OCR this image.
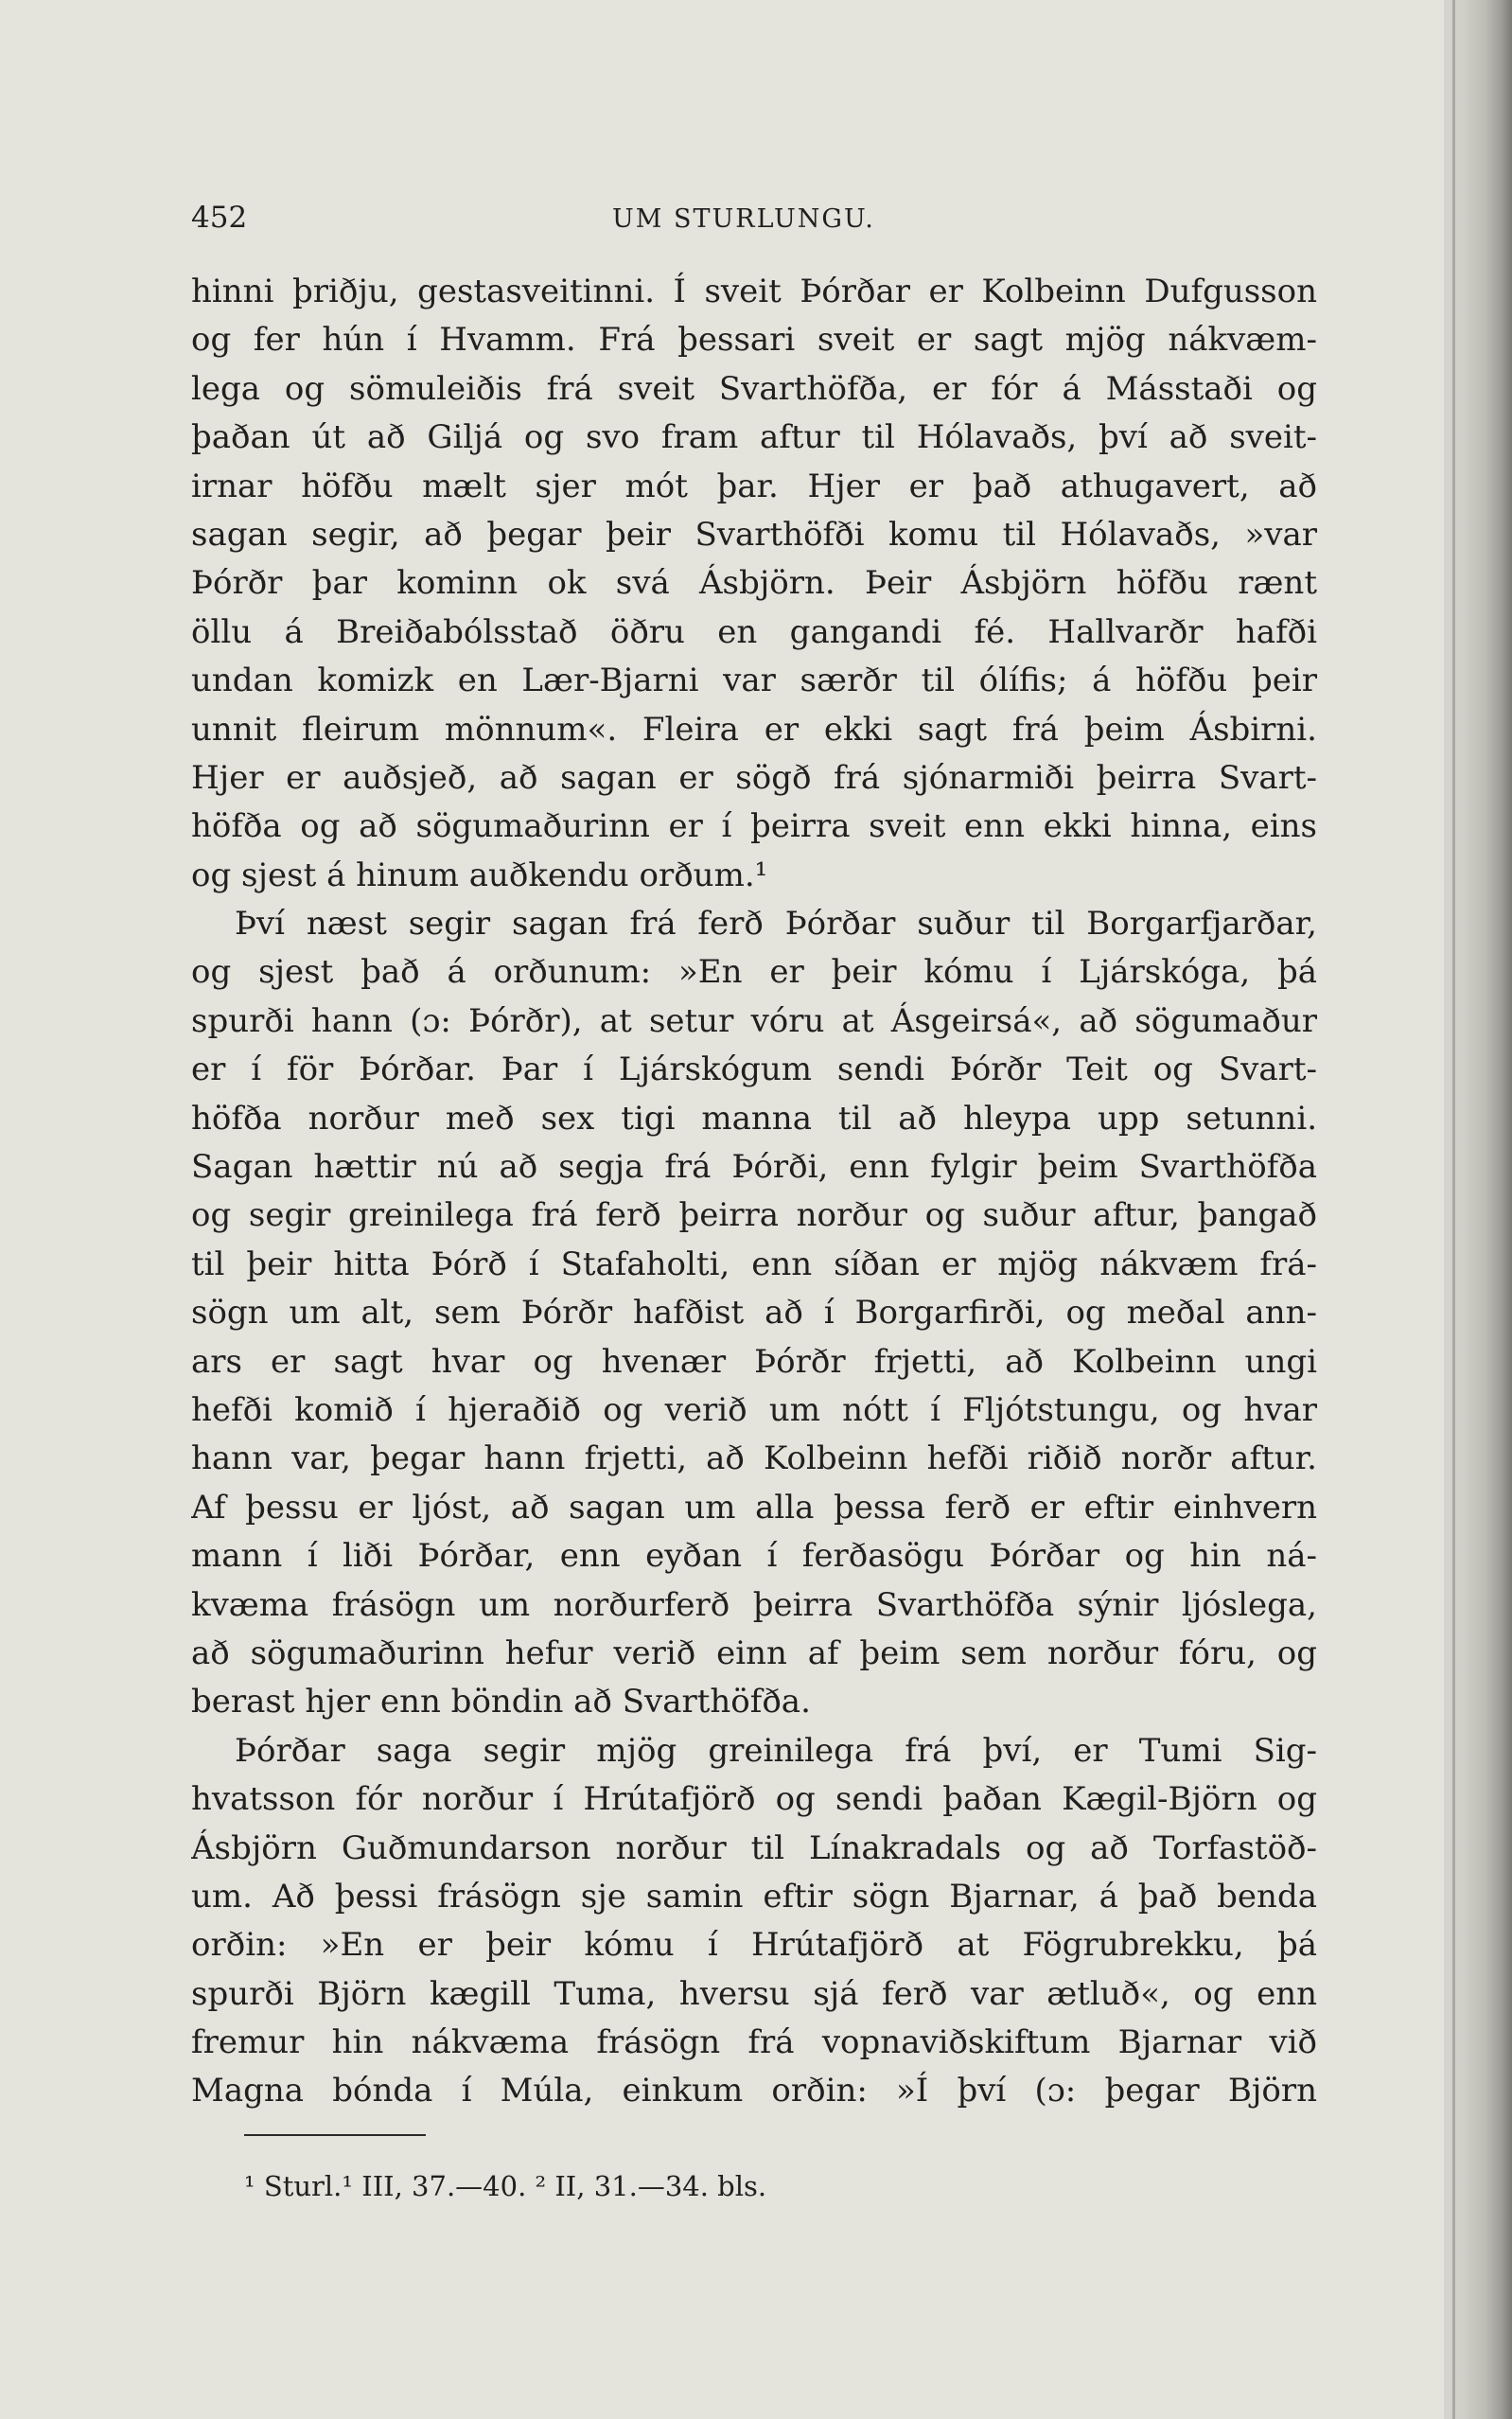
452	UM STURLUNGU.
hinni þriðju, gestasveitinni. Í sveit Þórðar er Kolbeinn Dufgusson
og fer hún í Hvamm. Frá þessari sveit er sagt mjög nákvæm-
lega og sömuleiðis frá sveit Svarthöfða, er fór á Másstaði og
þaðan út að Giljá og svo fram aftur til Hólavaðs, því að sveit-
irnar höfðu mælt sjer mót þar. Hjer er það athugavert, að
sagan segir, að þegar þeir Svarthöfði komu til Hólavaðs, »var
Þórðr þar kominn ok svá Ásbjörn. Þeir Ásbjörn höfðu rænt
öllu á Breiðabólsstað öðru en gangandi fé. Hallvarðr hafði
undan komizk en Lær-Bjarni var særðr til ólífis; á höfðu þeir
unnit fleirum mönnum«. Fleira er ekki sagt frá þeim Ásbirni.
Hjer er auðsjeð, að sagan er sögð frá sjónarmiði þeirra Svart-
höfða og að sögumaðurinn er í þeirra sveit enn ekki hinna, eins
og sjest á hinum auðkendu orðum.¹
Því næst segir sagan frá ferð Þórðar suður til Borgarfjarðar,
og sjest það á orðunum: »En er þeir kómu í Ljárskóga, þá
spurði hann (ɔ: Þórðr), at setur vóru at Ásgeirsá«, að sögumaður
er í för Þórðar. Þar í Ljárskógum sendi Þórðr Teit og Svart-
höfða norður með sex tigi manna til að hleypa upp setunni.
Sagan hættir nú að segja frá Þórði, enn fylgir þeim Svarthöfða
og segir greinilega frá ferð þeirra norður og suður aftur, þangað
til þeir hitta Þórð í Stafaholti, enn síðan er mjög nákvæm frá-
sögn um alt, sem Þórðr hafðist að í Borgarfirði, og meðal ann-
ars er sagt hvar og hvenær Þórðr frjetti, að Kolbeinn ungi
hefði komið í hjeraðið og verið um nótt í Fljótstungu, og hvar
hann var, þegar hann frjetti, að Kolbeinn hefði riðið norðr aftur.
Af þessu er ljóst, að sagan um alla þessa ferð er eftir einhvern
mann í liði Þórðar, enn eyðan í ferðasögu Þórðar og hin ná-
kvæma frásögn um norðurferð þeirra Svarthöfða sýnir ljóslega,
að sögumaðurinn hefur verið einn af þeim sem norður fóru, og
berast hjer enn böndin að Svarthöfða.
Þórðar saga segir mjög greinilega frá því, er Tumi Sig-
hvatsson fór norður í Hrútafjörð og sendi þaðan Kægil-Björn og
Ásbjörn Guðmundarson norður til Línakradals og að Torfastöð-
um. Að þessi frásögn sje samin eftir sögn Bjarnar, á það benda
orðin: »En er þeir kómu í Hrútafjörð at Fögrubrekku, þá
spurði Björn kægill Tuma, hversu sjá ferð var ætluð«, og enn
fremur hin nákvæma frásögn frá vopnaviðskiftum Bjarnar við
Magna bónda í Múla, einkum orðin: »Í því (ɔ: þegar Björn
¹ Sturl.¹ III, 37.—40. ² II, 31.—34. bls.
